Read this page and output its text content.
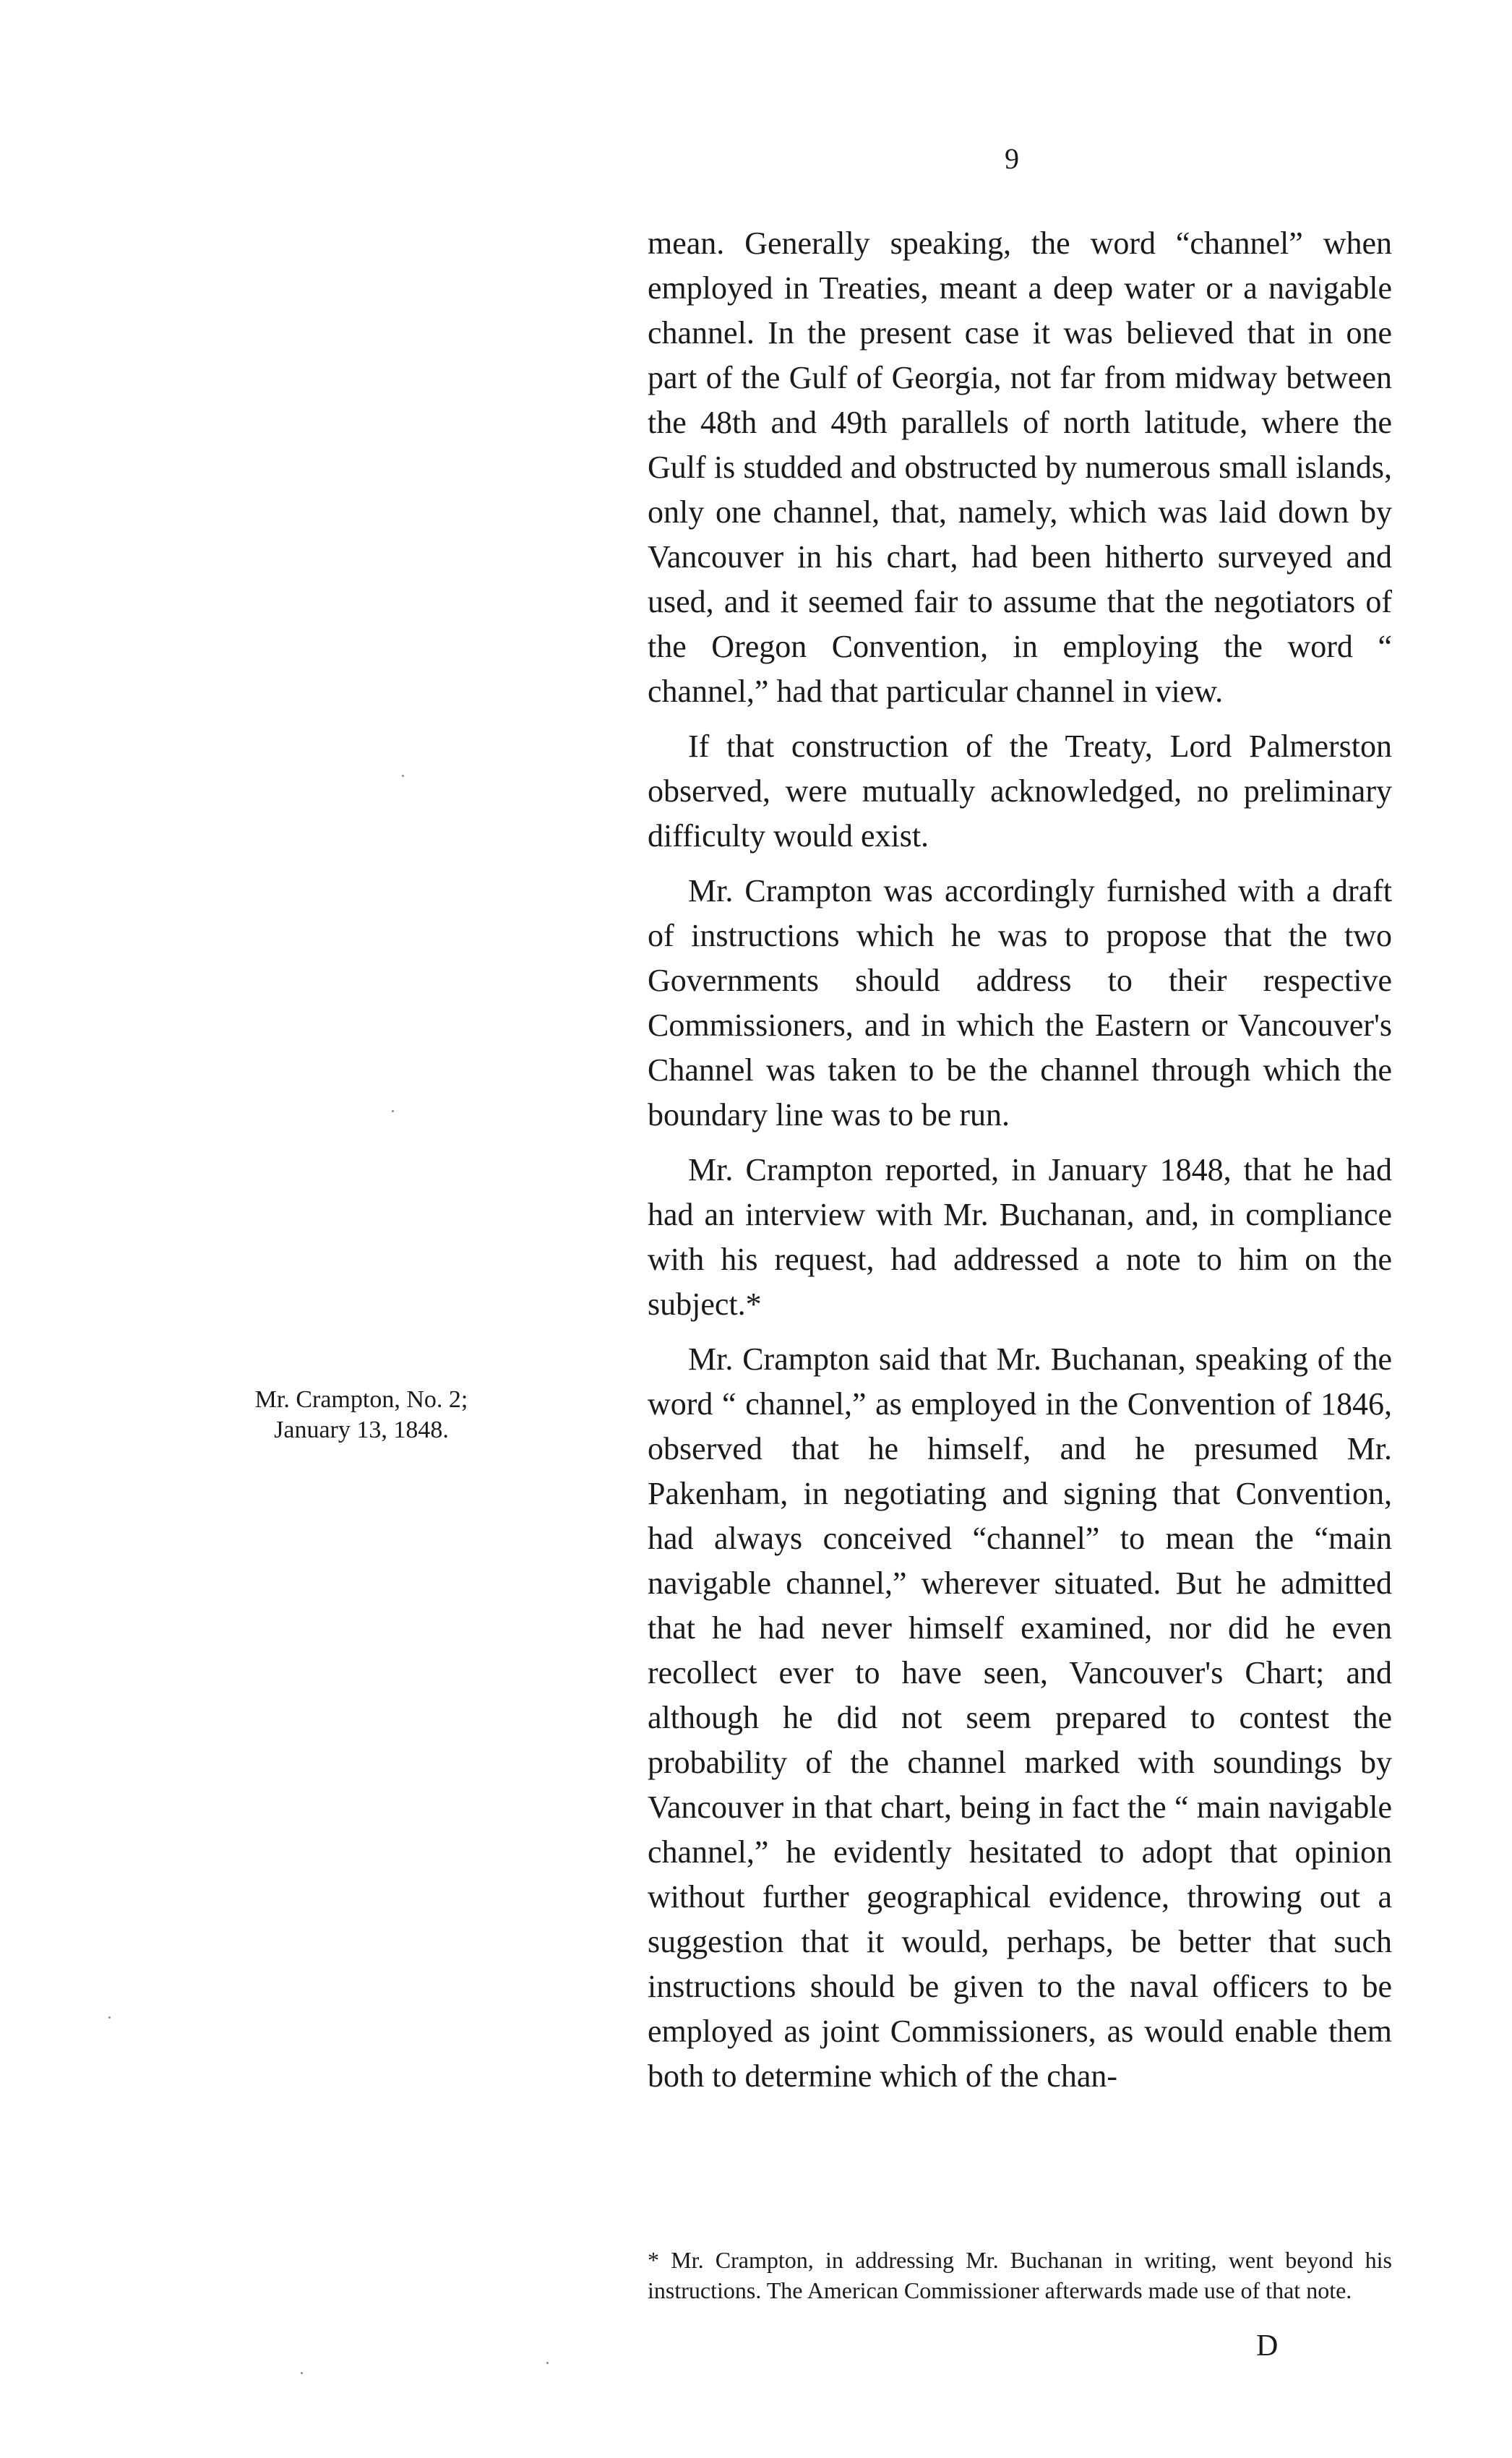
9

mean. Generally speaking, the word “channel” when employed in Treaties, meant a deep water or a navigable channel. In the present case it was believed that in one part of the Gulf of Georgia, not far from midway between the 48th and 49th parallels of north latitude, where the Gulf is studded and obstructed by numerous small islands, only one channel, that, namely, which was laid down by Vancouver in his chart, had been hitherto surveyed and used, and it seemed fair to assume that the negotiators of the Oregon Convention, in employing the word “ channel,” had that particular channel in view.

If that construction of the Treaty, Lord Palmerston observed, were mutually acknowledged, no preliminary difficulty would exist.

Mr. Crampton was accordingly furnished with a draft of instructions which he was to propose that the two Governments should address to their respective Commissioners, and in which the Eastern or Vancouver's Channel was taken to be the channel through which the boundary line was to be run.

Mr. Crampton reported, in January 1848, that he had had an interview with Mr. Buchanan, and, in compliance with his request, had addressed a note to him on the subject.*

Mr. Crampton said that Mr. Buchanan, speaking of the word “ channel,” as employed in the Convention of 1846, observed that he himself, and he presumed Mr. Pakenham, in negotiating and signing that Convention, had always conceived “channel” to mean the “main navigable channel,” wherever situated. But he admitted that he had never himself examined, nor did he even recollect ever to have seen, Vancouver's Chart; and although he did not seem prepared to contest the probability of the channel marked with soundings by Vancouver in that chart, being in fact the “ main navigable channel,” he evidently hesitated to adopt that opinion without further geographical evidence, throwing out a suggestion that it would, perhaps, be better that such instructions should be given to the naval officers to be employed as joint Commissioners, as would enable them both to determine which of the chan-

Mr. Crampton, No. 2;
January 13, 1848.
* Mr. Crampton, in addressing Mr. Buchanan in writing, went beyond his instructions. The American Commissioner afterwards made use of that note.
D
